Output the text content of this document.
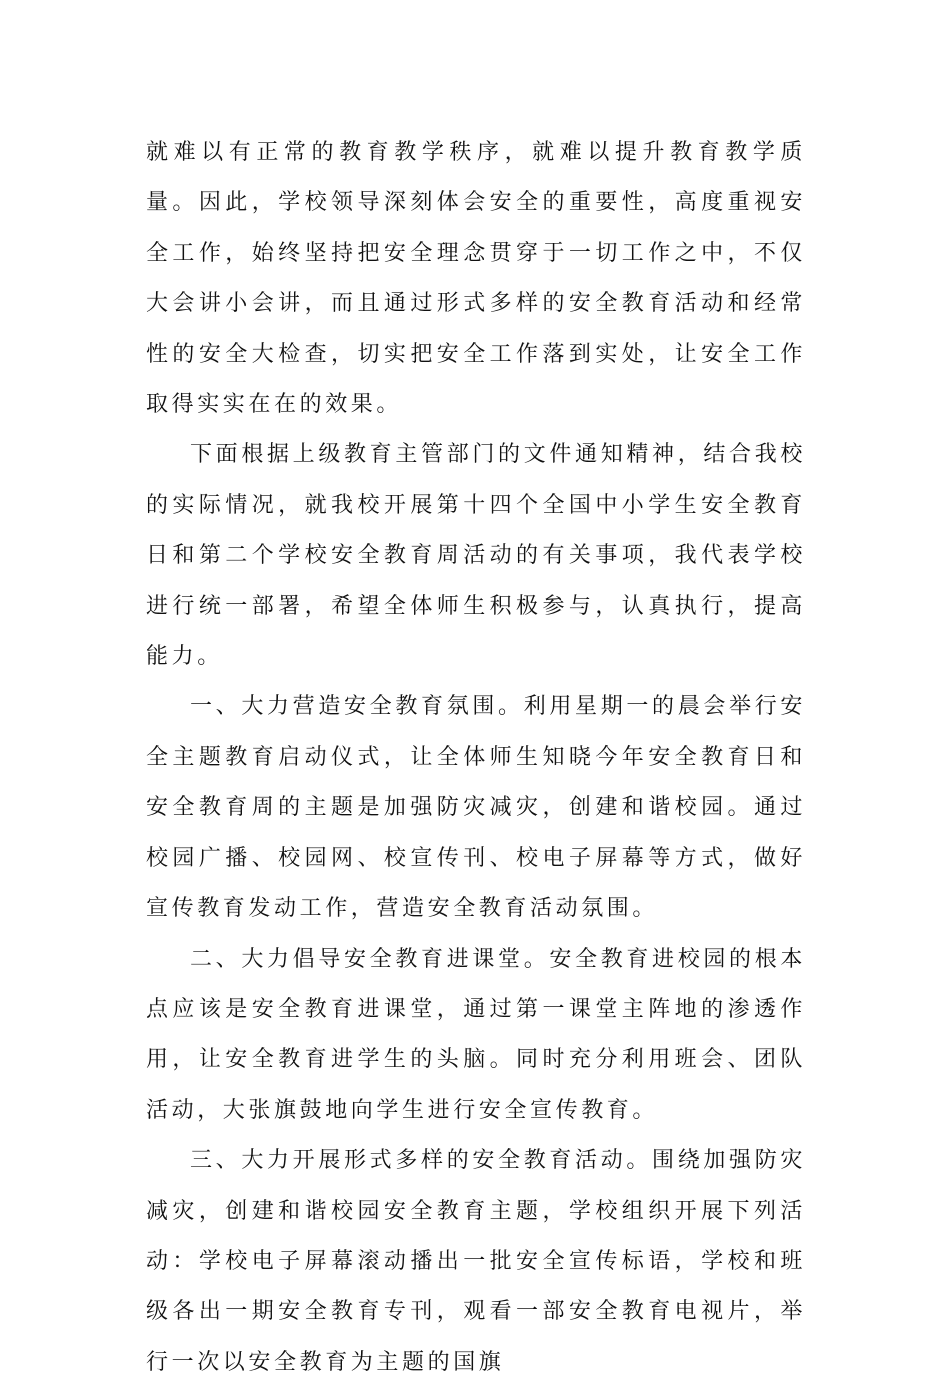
就难以有正常的教育教学秩序，就难以提升教育教学质量。因此，学校领导深刻体会安全的重要性，高度重视安全工作，始终坚持把安全理念贯穿于一切工作之中，不仅大会讲小会讲，而且通过形式多样的安全教育活动和经常性的安全大检查，切实把安全工作落到实处，让安全工作取得实实在在的效果。

下面根据上级教育主管部门的文件通知精神，结合我校的实际情况，就我校开展第十四个全国中小学生安全教育日和第二个学校安全教育周活动的有关事项，我代表学校进行统一部署，希望全体师生积极参与，认真执行，提高能力。

一、大力营造安全教育氛围。利用星期一的晨会举行安全主题教育启动仪式，让全体师生知晓今年安全教育日和安全教育周的主题是加强防灾减灾，创建和谐校园。通过校园广播、校园网、校宣传刊、校电子屏幕等方式，做好宣传教育发动工作，营造安全教育活动氛围。

二、大力倡导安全教育进课堂。安全教育进校园的根本点应该是安全教育进课堂，通过第一课堂主阵地的渗透作用，让安全教育进学生的头脑。同时充分利用班会、团队活动，大张旗鼓地向学生进行安全宣传教育。

三、大力开展形式多样的安全教育活动。围绕加强防灾减灾，创建和谐校园安全教育主题，学校组织开展下列活动：学校电子屏幕滚动播出一批安全宣传标语，学校和班级各出一期安全教育专刊，观看一部安全教育电视片，举行一次以安全教育为主题的国旗
